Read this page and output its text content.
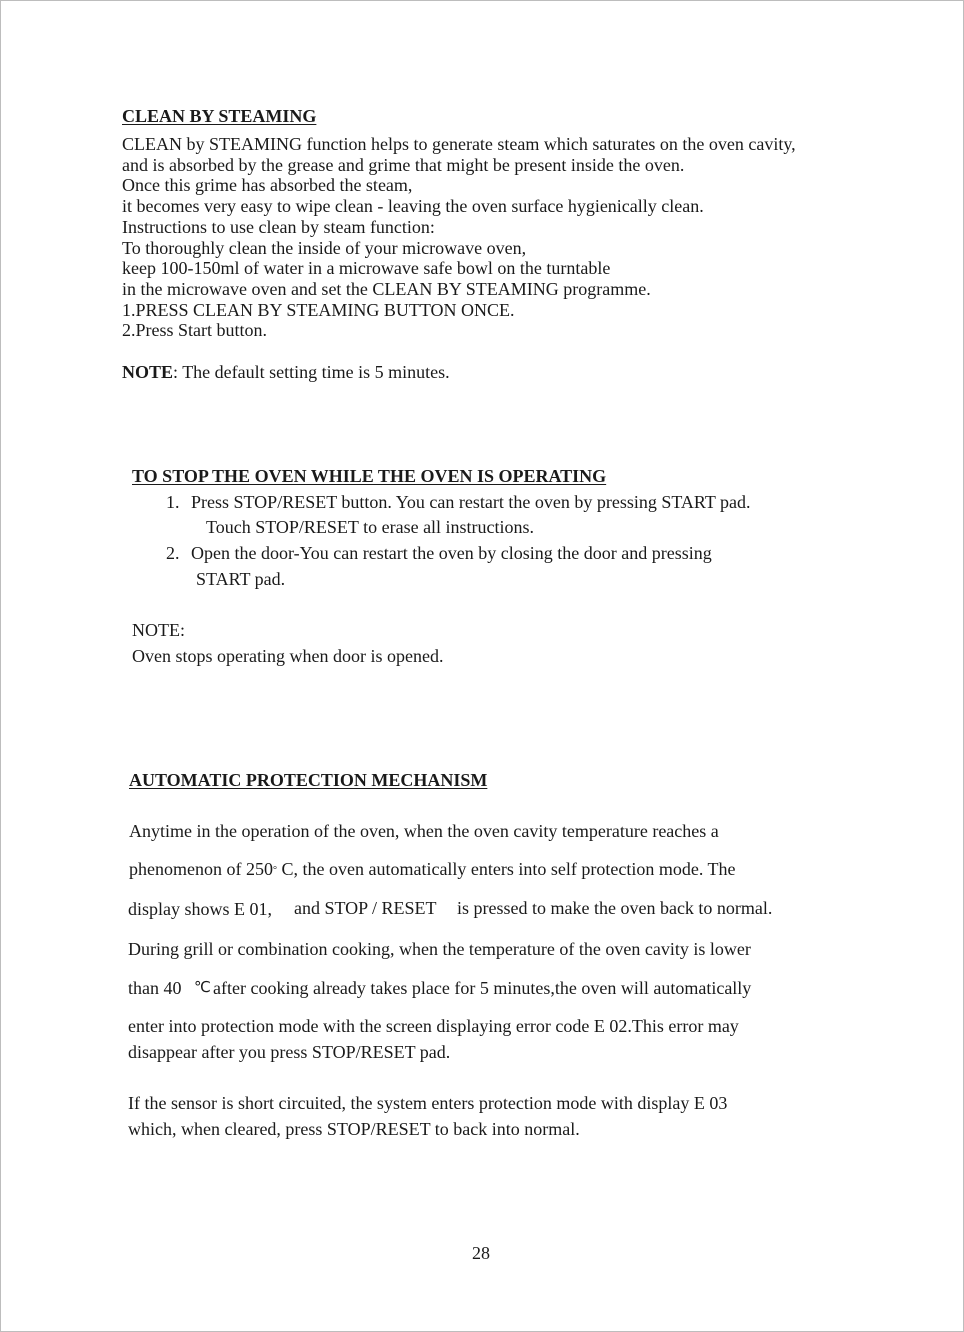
CLEAN BY STEAMING
CLEAN by STEAMING function helps to generate steam which saturates on the oven cavity,
and is absorbed by the grease and grime that might be present inside the oven.
Once this grime has absorbed the steam,
it becomes very easy to wipe clean - leaving the oven surface hygienically clean.
Instructions to use clean by steam function:
To thoroughly clean the inside of your microwave oven,
keep 100-150ml of water in a microwave safe bowl on the turntable
in the microwave oven and set the CLEAN BY STEAMING programme.
1.PRESS CLEAN BY STEAMING BUTTON ONCE.
2.Press Start button.
NOTE: The default setting time is 5 minutes.
TO STOP THE OVEN WHILE THE OVEN IS OPERATING
1. Press STOP/RESET button. You can restart the oven by pressing START pad.
Touch STOP/RESET to erase all instructions.
2. Open the door-You can restart the oven by closing the door and pressing
START pad.
NOTE:
Oven stops operating when door is opened.
AUTOMATIC PROTECTION MECHANISM
Anytime in the operation of the oven, when the oven cavity temperature reaches a
phenomenon of 250° C, the oven automatically enters into self protection mode. The
display shows E 01, and STOP / RESET is pressed to make the oven back to normal.
During grill or combination cooking, when the temperature of the oven cavity is lower
than 40 ℃ after cooking already takes place for 5 minutes,the oven will automatically
enter into protection mode with the screen displaying error code E 02.This error may
disappear after you press STOP/RESET pad.
If the sensor is short circuited, the system enters protection mode with display E 03
which, when cleared, press STOP/RESET to back into normal.
28
